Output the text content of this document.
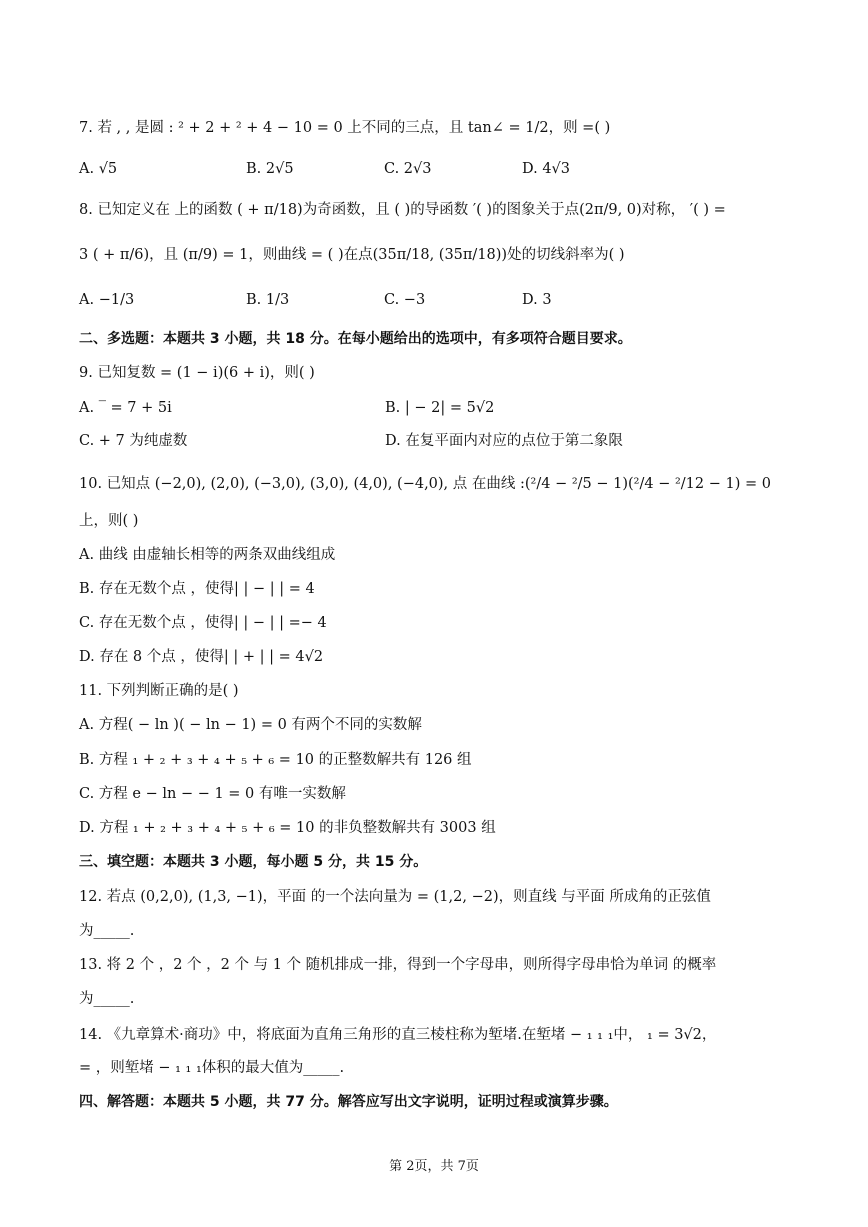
7. 若 , , 是圆 : ² + 2 + ² + 4 − 10 = 0 上不同的三点，且 tan∠ = 1/2，则 =( )
A. √5	B. 2√5	C. 2√3	D. 4√3
8. 已知定义在 上的函数 ( + π/18)为奇函数，且 ( )的导函数 ′( )的图象关于点(2π/9, 0)对称， ′( ) =
3 ( + π/6)，且 (π/9) = 1，则曲线 = ( )在点(35π/18, (35π/18))处的切线斜率为( )
A. −1/3	B. 1/3	C. −3	D. 3
二、多选题：本题共 3 小题，共 18 分。在每小题给出的选项中，有多项符合题目要求。
9. 已知复数 = (1 − i)(6 + i)，则( )
A. ‾ = 7 + 5i	B. | − 2| = 5√2
C. + 7 为纯虚数	D. 在复平面内对应的点位于第二象限
10. 已知点 (−2,0), (2,0), (−3,0), (3,0), (4,0), (−4,0), 点 在曲线 :(²/4 − ²/5 − 1)(²/4 − ²/12 − 1) = 0
上，则( )
A. 曲线 由虚轴长相等的两条双曲线组成
B. 存在无数个点 ，使得| | − | | = 4
C. 存在无数个点 ，使得| | − | | =− 4
D. 存在 8 个点 ，使得| | + | | = 4√2
11. 下列判断正确的是( )
A. 方程( − ln )( − ln − 1) = 0 有两个不同的实数解
B. 方程 ₁ + ₂ + ₃ + ₄ + ₅ + ₆ = 10 的正整数解共有 126 组
C. 方程 e − ln − − 1 = 0 有唯一实数解
D. 方程 ₁ + ₂ + ₃ + ₄ + ₅ + ₆ = 10 的非负整数解共有 3003 组
三、填空题：本题共 3 小题，每小题 5 分，共 15 分。
12. 若点 (0,2,0), (1,3, −1)，平面 的一个法向量为 = (1,2, −2)，则直线 与平面 所成角的正弦值
为_____.
13. 将 2 个 ，2 个 ，2 个 与 1 个 随机排成一排，得到一个字母串，则所得字母串恰为单词 的概率
为_____.
14. 《九章算术·商功》中，将底面为直角三角形的直三棱柱称为堑堵.在堑堵 − ₁ ₁ ₁中， ₁ = 3√2，
= ，则堑堵 − ₁ ₁ ₁体积的最大值为_____.
四、解答题：本题共 5 小题，共 77 分。解答应写出文字说明，证明过程或演算步骤。
第 2页，共 7页
